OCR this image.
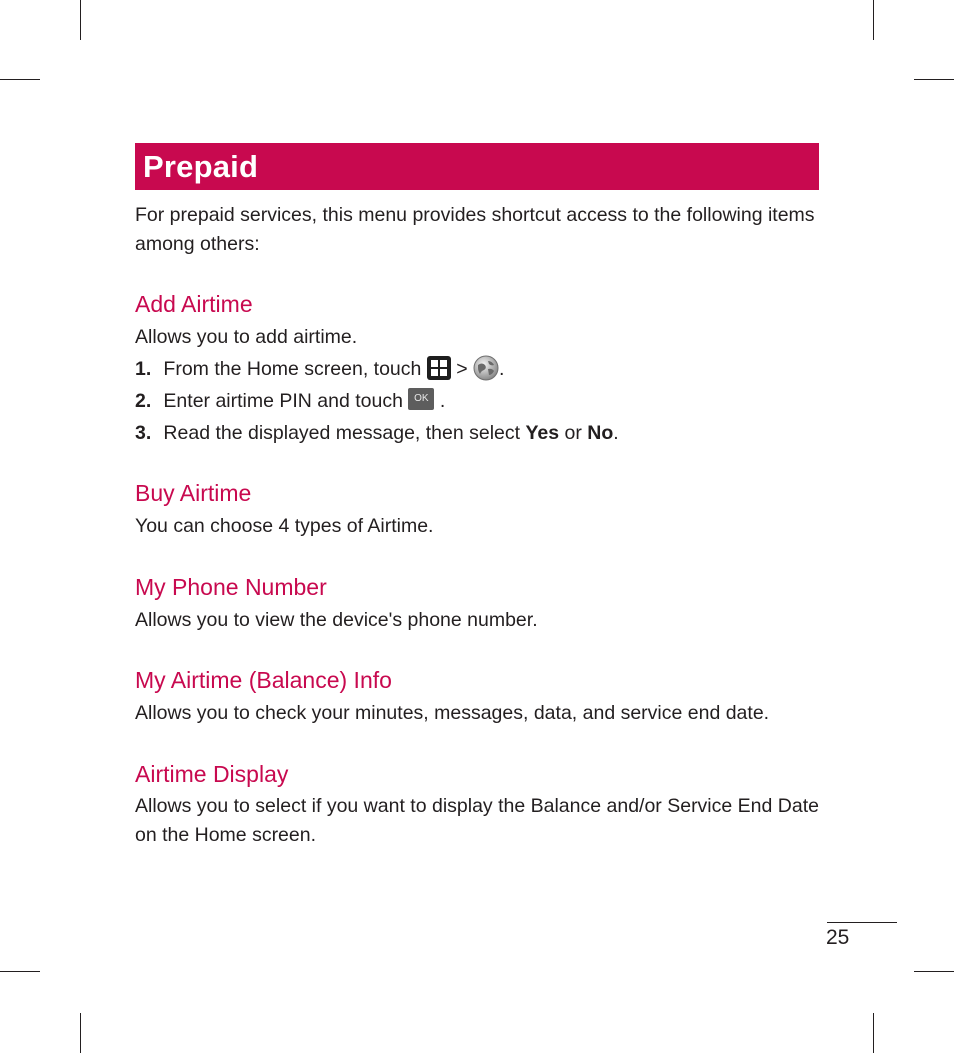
Prepaid
For prepaid services, this menu provides shortcut access to the following items among others:
Add Airtime
Allows you to add airtime.
1. From the Home screen, touch > .
2. Enter airtime PIN and touch OK .
3. Read the displayed message, then select Yes or No.
Buy Airtime
You can choose 4 types of Airtime.
My Phone Number
Allows you to view the device's phone number.
My Airtime (Balance) Info
Allows you to check your minutes, messages, data, and service end date.
Airtime Display
Allows you to select if you want to display the Balance and/or Service End Date on the Home screen.
25
